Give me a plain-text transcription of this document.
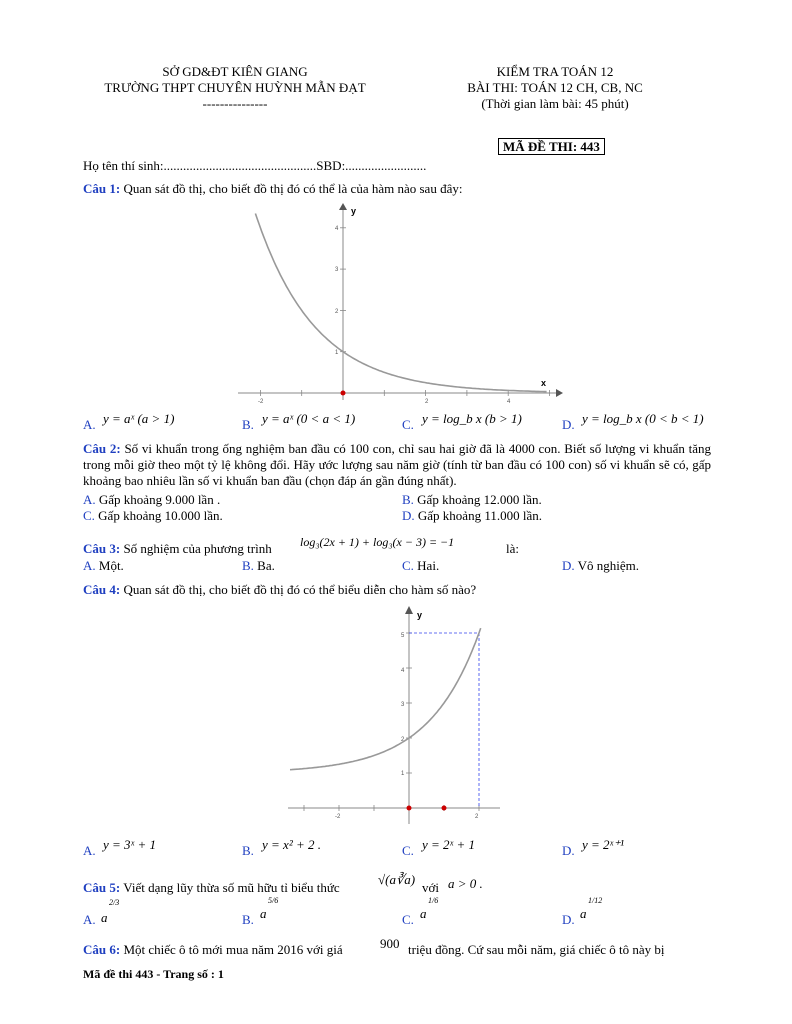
SỞ GD&ĐT KIÊN GIANG
TRƯỜNG THPT CHUYÊN HUỲNH MẪN ĐẠT
---------------
KIỂM TRA TOÁN 12
BÀI THI: TOÁN 12 CH, CB, NC
(Thời gian làm bài: 45 phút)
MÃ ĐỀ THI: 443
Họ tên thí sinh:...............................................SBD:.........................
Câu 1: Quan sát đồ thị, cho biết đồ thị đó có thể là của hàm nào sau đây:
x
y
-2	2	4
1
2
3
4
A. y = aˣ (a > 1)	B. y = aˣ (0 < a < 1)	C. y = log_b x (b > 1)	D. y = log_b x (0 < b < 1)
Câu 2: Số vi khuẩn trong ống nghiệm ban đầu có 100 con, chỉ sau hai giờ đã là 4000 con. Biết số lượng vi khuẩn tăng trong mỗi giờ theo một tỷ lệ không đổi. Hãy ước lượng sau năm giờ (tính từ ban đầu có 100 con) số vi khuẩn sẽ có, gấp khoảng bao nhiêu lần số vi khuẩn ban đầu (chọn đáp án gần đúng nhất).
A. Gấp khoảng 9.000 lần .	B. Gấp khoảng 12.000 lần.
C. Gấp khoảng 10.000 lần.	D. Gấp khoảng 11.000 lần.
Câu 3: Số nghiệm của phương trình log₃(2x + 1) + log₃(x − 3) = −1	là:
A. Một.	B. Ba.	C. Hai.	D. Vô nghiệm.
Câu 4: Quan sát đồ thị, cho biết đồ thị đó có thể biểu diễn cho hàm số nào?
y
-2	2
1
2
3
4
5
A. y = 3ˣ + 1	B. y = x² + 2 .	C. y = 2ˣ + 1	D. y = 2ˣ⁺¹
Câu 5: Viết dạng lũy thừa số mũ hữu tỉ biểu thức
√(a∛a)
với a > 0 .
A. a
2/3
B. a
5/6
C. a
1/6
D. a
1/12
Câu 6: Một chiếc ô tô mới mua năm 2016 với giá	900 triệu đồng. Cứ sau mỗi năm, giá chiếc ô tô này bị
Mã đề thi 443 - Trang số : 1
